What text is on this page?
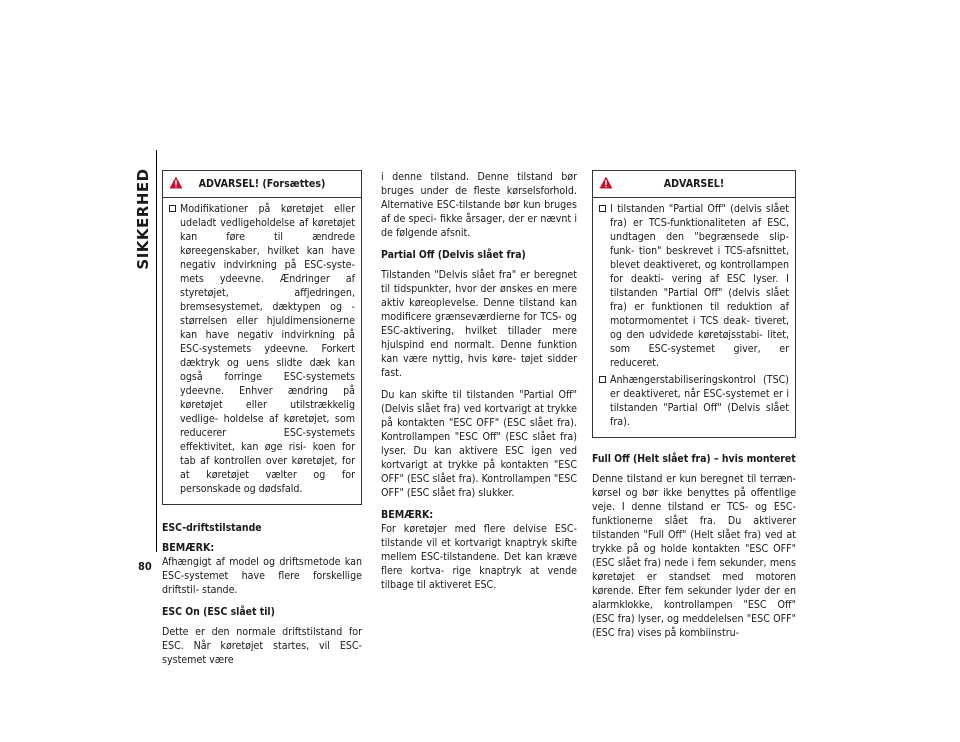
SIKKERHED
80
ADVARSEL! (Forsættes)
Modifikationer på køretøjet eller udeladt vedligeholdelse af køretøjet kan føre til ændrede køreegenskaber, hvilket kan have negativ indvirkning på ESC-syste- mets ydeevne. Ændringer af styretøjet, affjedringen, bremsesystemet, dæktypen og -størrelsen eller hjuldimensionerne kan have negativ indvirkning på ESC-systemets ydeevne. Forkert dæktryk og uens slidte dæk kan også forringe ESC-systemets ydeevne. Enhver ændring på køretøjet eller utilstrækkelig vedlige- holdelse af køretøjet, som reducerer ESC-systemets effektivitet, kan øge risi- koen for tab af kontrollen over køretøjet, for at køretøjet vælter og for personskade og dødsfald.
ESC-driftstilstande
BEMÆRK:

Afhængigt af model og driftsmetode kan ESC-systemet have flere forskellige driftstil- stande.

ESC On (ESC slået til)

Dette er den normale driftstilstand for ESC. Når køretøjet startes, vil ESC-systemet være

i denne tilstand. Denne tilstand bør bruges under de fleste kørselsforhold. Alternative ESC-tilstande bør kun bruges af de speci- fikke årsager, der er nævnt i de følgende afsnit.

Partial Off (Delvis slået fra)

Tilstanden "Delvis slået fra" er beregnet til tidspunkter, hvor der ønskes en mere aktiv køreoplevelse. Denne tilstand kan modificere grænseværdierne for TCS- og ESC-aktivering, hvilket tillader mere hjulspind end normalt. Denne funktion kan være nyttig, hvis køre- tøjet sidder fast.

Du kan skifte til tilstanden "Partial Off" (Delvis slået fra) ved kortvarigt at trykke på kontakten "ESC OFF" (ESC slået fra). Kontrollampen "ESC Off" (ESC slået fra) lyser. Du kan aktivere ESC igen ved kortvarigt at trykke på kontakten "ESC OFF" (ESC slået fra). Kontrollampen "ESC OFF" (ESC slået fra) slukker.

BEMÆRK:

For køretøjer med flere delvise ESC-tilstande vil et kortvarigt knaptryk skifte mellem ESC-tilstandene. Det kan kræve flere kortva- rige knaptryk at vende tilbage til aktiveret ESC.

ADVARSEL!
I tilstanden "Partial Off" (delvis slået fra) er TCS-funktionaliteten af ESC, undtagen den "begrænsede slip-funk- tion" beskrevet i TCS-afsnittet, blevet deaktiveret, og kontrollampen for deakti- vering af ESC lyser. I tilstanden "Partial Off" (delvis slået fra) er funktionen til reduktion af motormomentet i TCS deak- tiveret, og den udvidede køretøjsstabi- litet, som ESC-systemet giver, er reduceret.
Anhængerstabiliseringskontrol (TSC) er deaktiveret, når ESC-systemet er i tilstanden "Partial Off" (Delvis slået fra).
Full Off (Helt slået fra) – hvis monteret

Denne tilstand er kun beregnet til terræn- kørsel og bør ikke benyttes på offentlige veje. I denne tilstand er TCS- og ESC-funktionerne slået fra. Du aktiverer tilstanden "Full Off" (Helt slået fra) ved at trykke på og holde kontakten "ESC OFF" (ESC slået fra) nede i fem sekunder, mens køretøjet er standset med motoren kørende. Efter fem sekunder lyder der en alarmklokke, kontrollampen "ESC Off" (ESC fra) lyser, og meddelelsen "ESC OFF" (ESC fra) vises på kombiinstru-
